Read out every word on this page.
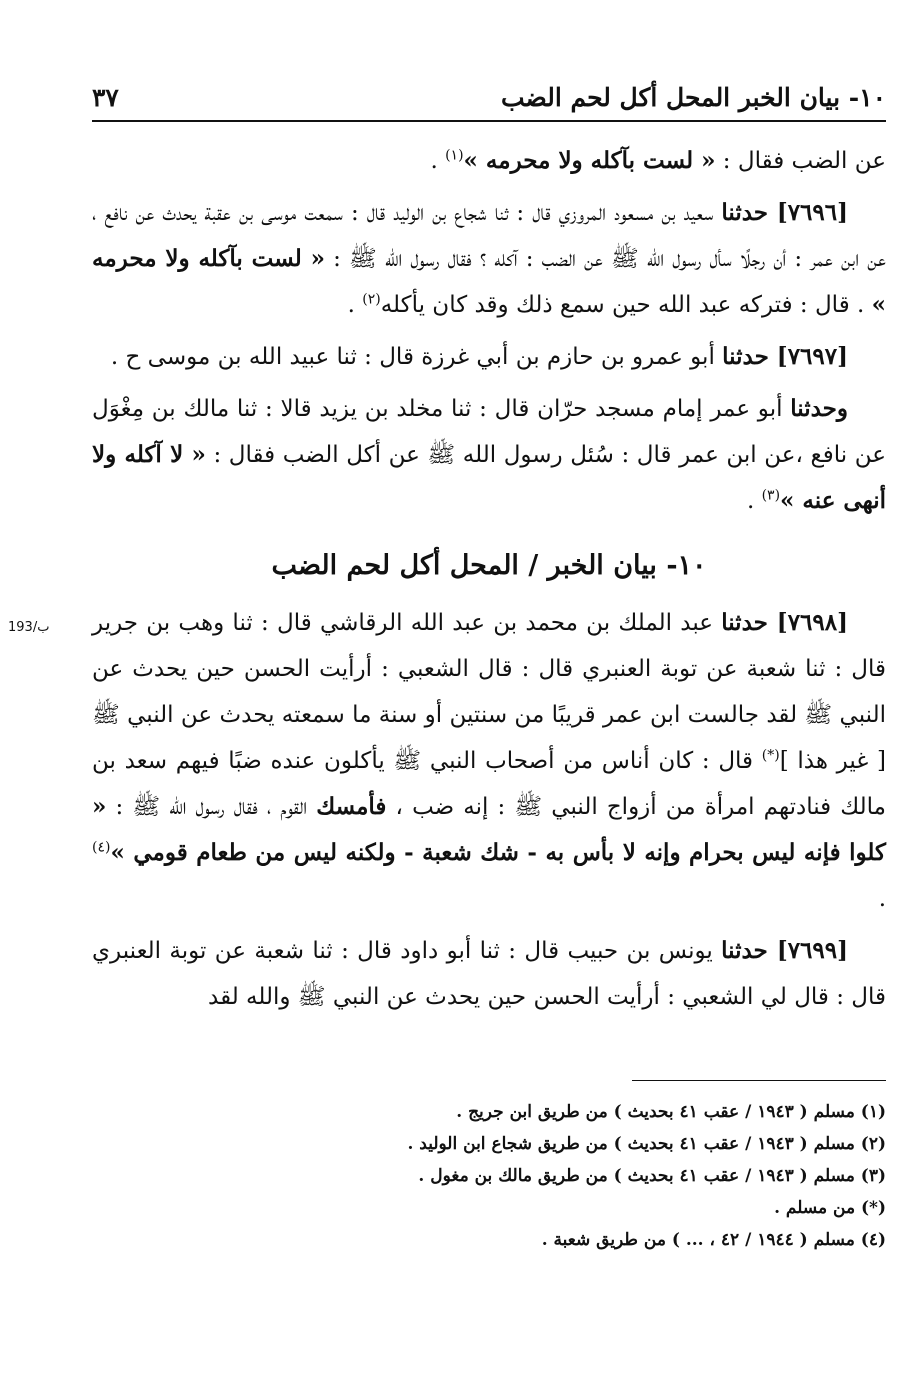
١٠- بيان الخبر المحل أكل لحم الضب
٣٧
193/ب

عن الضب فقال : « لست بآكله ولا محرمه »$^{(١)}$ .

[٧٦٩٦] حدثنا سعيد بن مسعود المروزي قال : ثنا شجاع بن الوليد قال : سمعت موسى بن عقبة يحدث عن نافع ، عن ابن عمر : أن رجلًا سأل رسول الله ﷺ عن الضب : آكله ؟ فقال رسول الله ﷺ : « لست بآكله ولا محرمه » . قال : فتركه عبد الله حين سمع ذلك وقد كان يأكله$^{(٢)}$ .

[٧٦٩٧] حدثنا أبو عمرو بن حازم بن أبي غرزة قال : ثنا عبيد الله بن موسى ح .

وحدثنا أبو عمر إمام مسجد حرّان قال : ثنا مخلد بن يزيد قالا : ثنا مالك بن مِغْوَل عن نافع ،عن ابن عمر قال : سُئل رسول الله ﷺ عن أكل الضب فقال : « لا آكله ولا أنهى عنه »$^{(٣)}$ .

١٠- بيان الخبر / المحل أكل لحم الضب

[٧٦٩٨] حدثنا عبد الملك بن محمد بن عبد الله الرقاشي قال : ثنا وهب بن جرير قال : ثنا شعبة عن توبة العنبري قال : قال الشعبي : أرأيت الحسن حين يحدث عن النبي ﷺ لقد جالست ابن عمر قريبًا من سنتين أو سنة ما سمعته يحدث عن النبي ﷺ [ غير هذا ](*) قال : كان أناس من أصحاب النبي ﷺ يأكلون عنده ضبًا فيهم سعد بن مالك فنادتهم امرأة من أزواج النبي ﷺ : إنه ضب ، فأمسك القوم ، فقال رسول الله ﷺ : « كلوا فإنه ليس بحرام وإنه لا بأس به - شك شعبة - ولكنه ليس من طعام قومي »$^{(٤)}$ .

[٧٦٩٩] حدثنا يونس بن حبيب قال : ثنا أبو داود قال : ثنا شعبة عن توبة العنبري قال : قال لي الشعبي : أرأيت الحسن حين يحدث عن النبي ﷺ والله لقد

(١) مسلم ( ١٩٤٣ / عقب ٤١ بحديث ) من طريق ابن جريج .
(٢) مسلم ( ١٩٤٣ / عقب ٤١ بحديث ) من طريق شجاع ابن الوليد .
(٣) مسلم ( ١٩٤٣ / عقب ٤١ بحديث ) من طريق مالك بن مغول .
(*) من مسلم .
(٤) مسلم ( ١٩٤٤ / ٤٢ ، ... ) من طريق شعبة .
